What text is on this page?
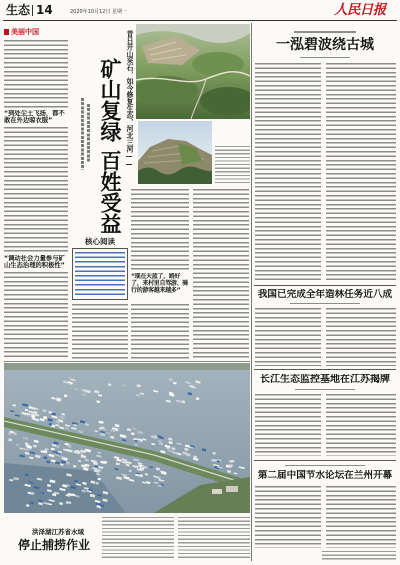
生态 14	2020年10月12日 星期一	人民日报
美丽中国
“到处尘土飞扬，都不敢在外边晾衣服”
“调动社会力量参与矿山生态治理的积极性”
矿山复绿
百姓受益
昔日开山采石，如今修复生态，河北三河——
核心阅读
“现在天蓝了，路好了，来村里自驾游、骑行的游客越来越多”
洪泽湖江苏省水域
停止捕捞作业
一泓碧波绕古城
我国已完成全年造林任务近八成
长江生态监控基地在江苏揭牌
第二届中国节水论坛在兰州开幕
